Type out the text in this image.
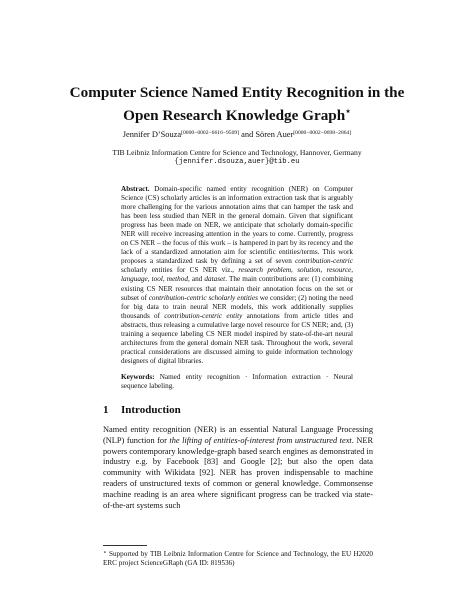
Computer Science Named Entity Recognition in the Open Research Knowledge Graph⋆
Jennifer D’Souza[0000−0002−6616−9509] and Sören Auer[0000−0002−0698−2864]
TIB Leibniz Information Centre for Science and Technology, Hannover, Germany
{jennifer.dsouza,auer}@tib.eu
Abstract. Domain-specific named entity recognition (NER) on Computer Science (CS) scholarly articles is an information extraction task that is arguably more challenging for the various annotation aims that can hamper the task and has been less studied than NER in the general domain. Given that significant progress has been made on NER, we anticipate that scholarly domain-specific NER will receive increasing attention in the years to come. Currently, progress on CS NER – the focus of this work – is hampered in part by its recency and the lack of a standardized annotation aim for scientific entities/terms. This work proposes a standardized task by defining a set of seven contribution-centric scholarly entities for CS NER viz., research problem, solution, resource, language, tool, method, and dataset. The main contributions are: (1) combining existing CS NER resources that maintain their annotation focus on the set or subset of contribution-centric scholarly entities we consider; (2) noting the need for big data to train neural NER models, this work additionally supplies thousands of contribution-centric entity annotations from article titles and abstracts, thus releasing a cumulative large novel resource for CS NER; and, (3) training a sequence labeling CS NER model inspired by state-of-the-art neural architectures from the general domain NER task. Throughout the work, several practical considerations are discussed aiming to guide information technology designers of digital libraries.
Keywords: Named entity recognition · Information extraction · Neural sequence labeling.
1 Introduction
Named entity recognition (NER) is an essential Natural Language Processing (NLP) function for the lifting of entities-of-interest from unstructured text. NER powers contemporary knowledge-graph based search engines as demonstrated in industry e.g. by Facebook [83] and Google [2]; but also the open data community with Wikidata [92]. NER has proven indispensable to machine readers of unstructured texts of common or general knowledge. Commonsense machine reading is an area where significant progress can be tracked via state-of-the-art systems such
⋆ Supported by TIB Leibniz Information Centre for Science and Technology, the EU H2020 ERC project ScienceGRaph (GA ID: 819536)
